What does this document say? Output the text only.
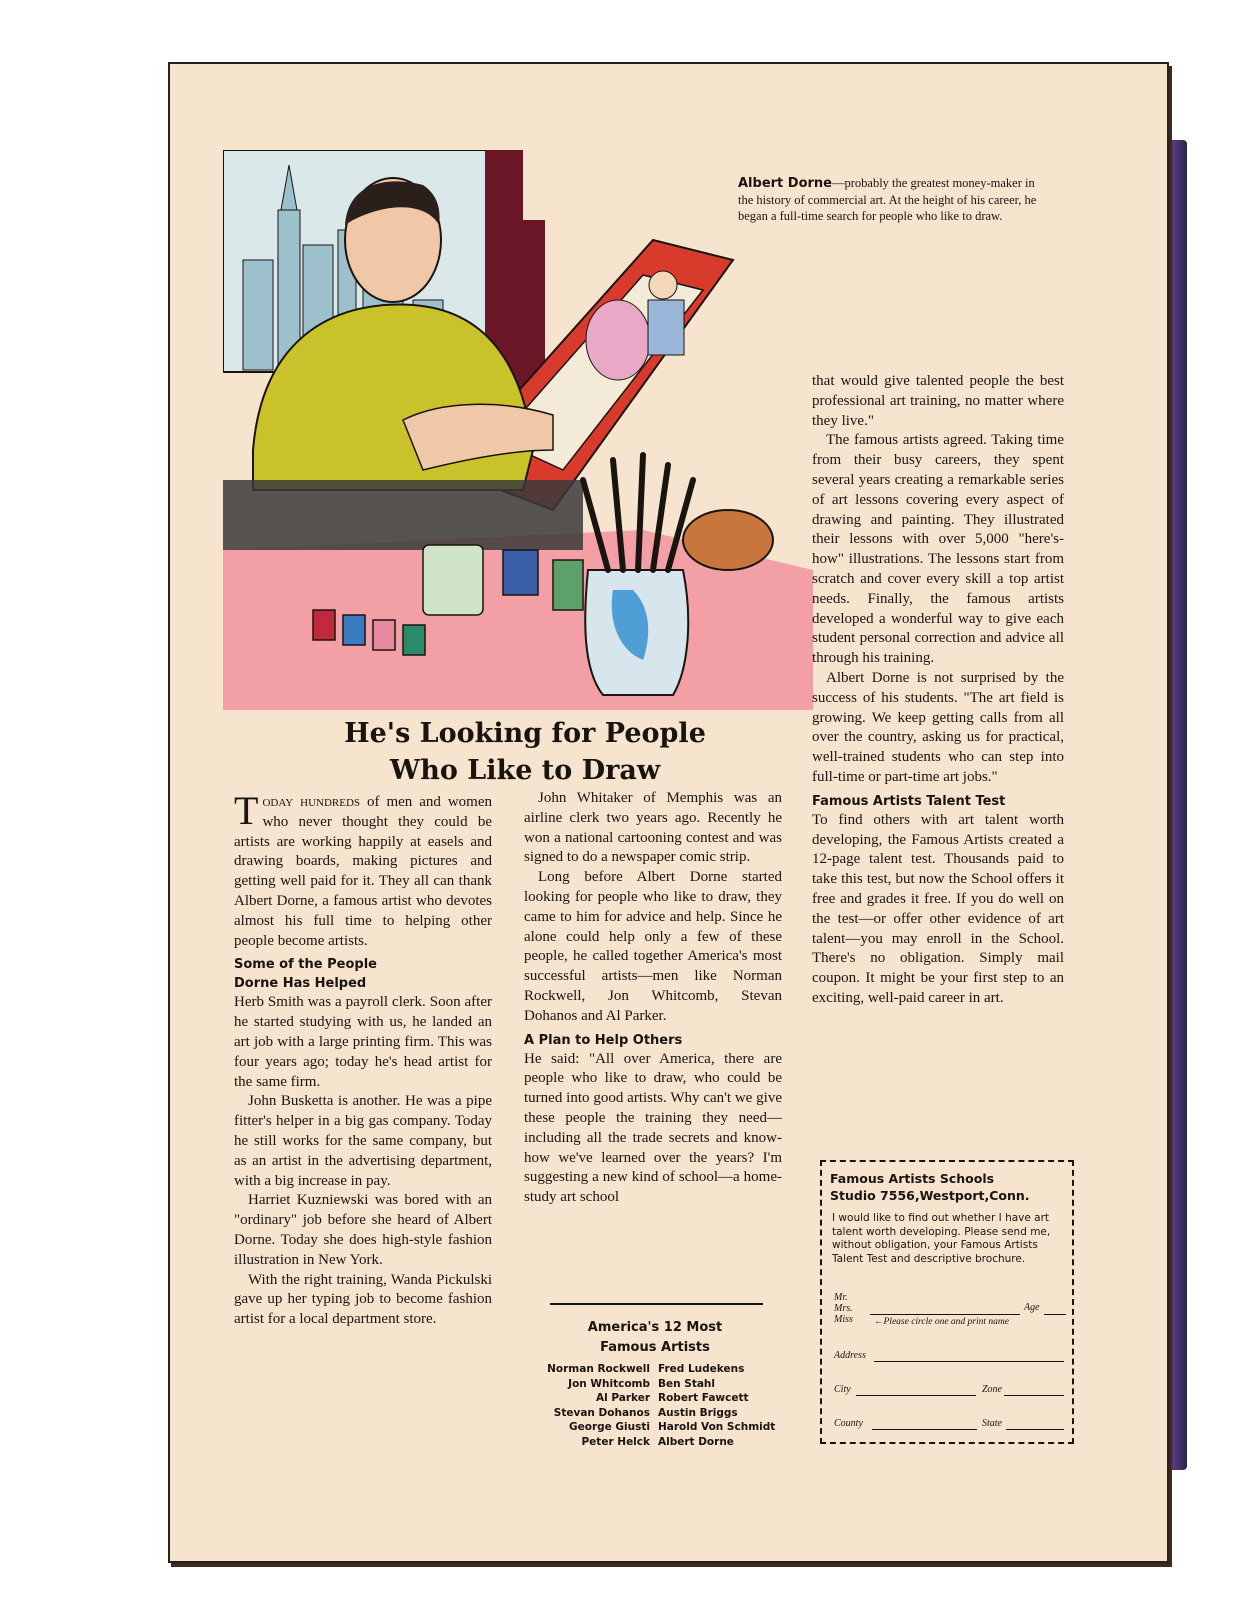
Albert Dorne—probably the greatest money-maker in the history of commercial art. At the height of his career, he began a full-time search for people who like to draw.
He's Looking for People
Who Like to Draw

Today hundreds of men and women who never thought they could be artists are working happily at easels and drawing boards, making pictures and getting well paid for it. They all can thank Albert Dorne, a famous artist who devotes almost his full time to helping other people become artists.

Some of the People
Dorne Has Helped

Herb Smith was a payroll clerk. Soon after he started studying with us, he landed an art job with a large printing firm. This was four years ago; today he's head artist for the same firm.

John Busketta is another. He was a pipe fitter's helper in a big gas company. Today he still works for the same company, but as an artist in the advertising department, with a big increase in pay.

Harriet Kuzniewski was bored with an "ordinary" job before she heard of Albert Dorne. Today she does high-style fashion illustration in New York.

With the right training, Wanda Pickulski gave up her typing job to become fashion artist for a local department store.

John Whitaker of Memphis was an airline clerk two years ago. Recently he won a national cartooning contest and was signed to do a newspaper comic strip.

Long before Albert Dorne started looking for people who like to draw, they came to him for advice and help. Since he alone could help only a few of these people, he called together America's most successful artists—men like Norman Rockwell, Jon Whitcomb, Stevan Dohanos and Al Parker.

A Plan to Help Others

He said: "All over America, there are people who like to draw, who could be turned into good artists. Why can't we give these people the training they need—including all the trade secrets and know-how we've learned over the years? I'm suggesting a new kind of school—a home-study art school

that would give talented people the best professional art training, no matter where they live."

The famous artists agreed. Taking time from their busy careers, they spent several years creating a remarkable series of art lessons covering every aspect of drawing and painting. They illustrated their lessons with over 5,000 "here's-how" illustrations. The lessons start from scratch and cover every skill a top artist needs. Finally, the famous artists developed a wonderful way to give each student personal correction and advice all through his training.

Albert Dorne is not surprised by the success of his students. "The art field is growing. We keep getting calls from all over the country, asking us for practical, well-trained students who can step into full-time or part-time art jobs."

Famous Artists Talent Test

To find others with art talent worth developing, the Famous Artists created a 12-page talent test. Thousands paid to take this test, but now the School offers it free and grades it free. If you do well on the test—or offer other evidence of art talent—you may enroll in the School. There's no obligation. Simply mail coupon. It might be your first step to an exciting, well-paid career in art.

America's 12 Most
Famous Artists
Norman Rockwell
Jon Whitcomb
Al Parker
Stevan Dohanos
George Giusti
Peter Helck
Fred Ludekens
Ben Stahl
Robert Fawcett
Austin Briggs
Harold Von Schmidt
Albert Dorne
Famous Artists Schools
Studio 7556,Westport,Conn.
I would like to find out whether I have art talent worth developing. Please send me, without obligation, your Famous Artists Talent Test and descriptive brochure.
Mr.
Mrs.
Miss
Age
←Please circle one and print name
Address
City	Zone
County	State
